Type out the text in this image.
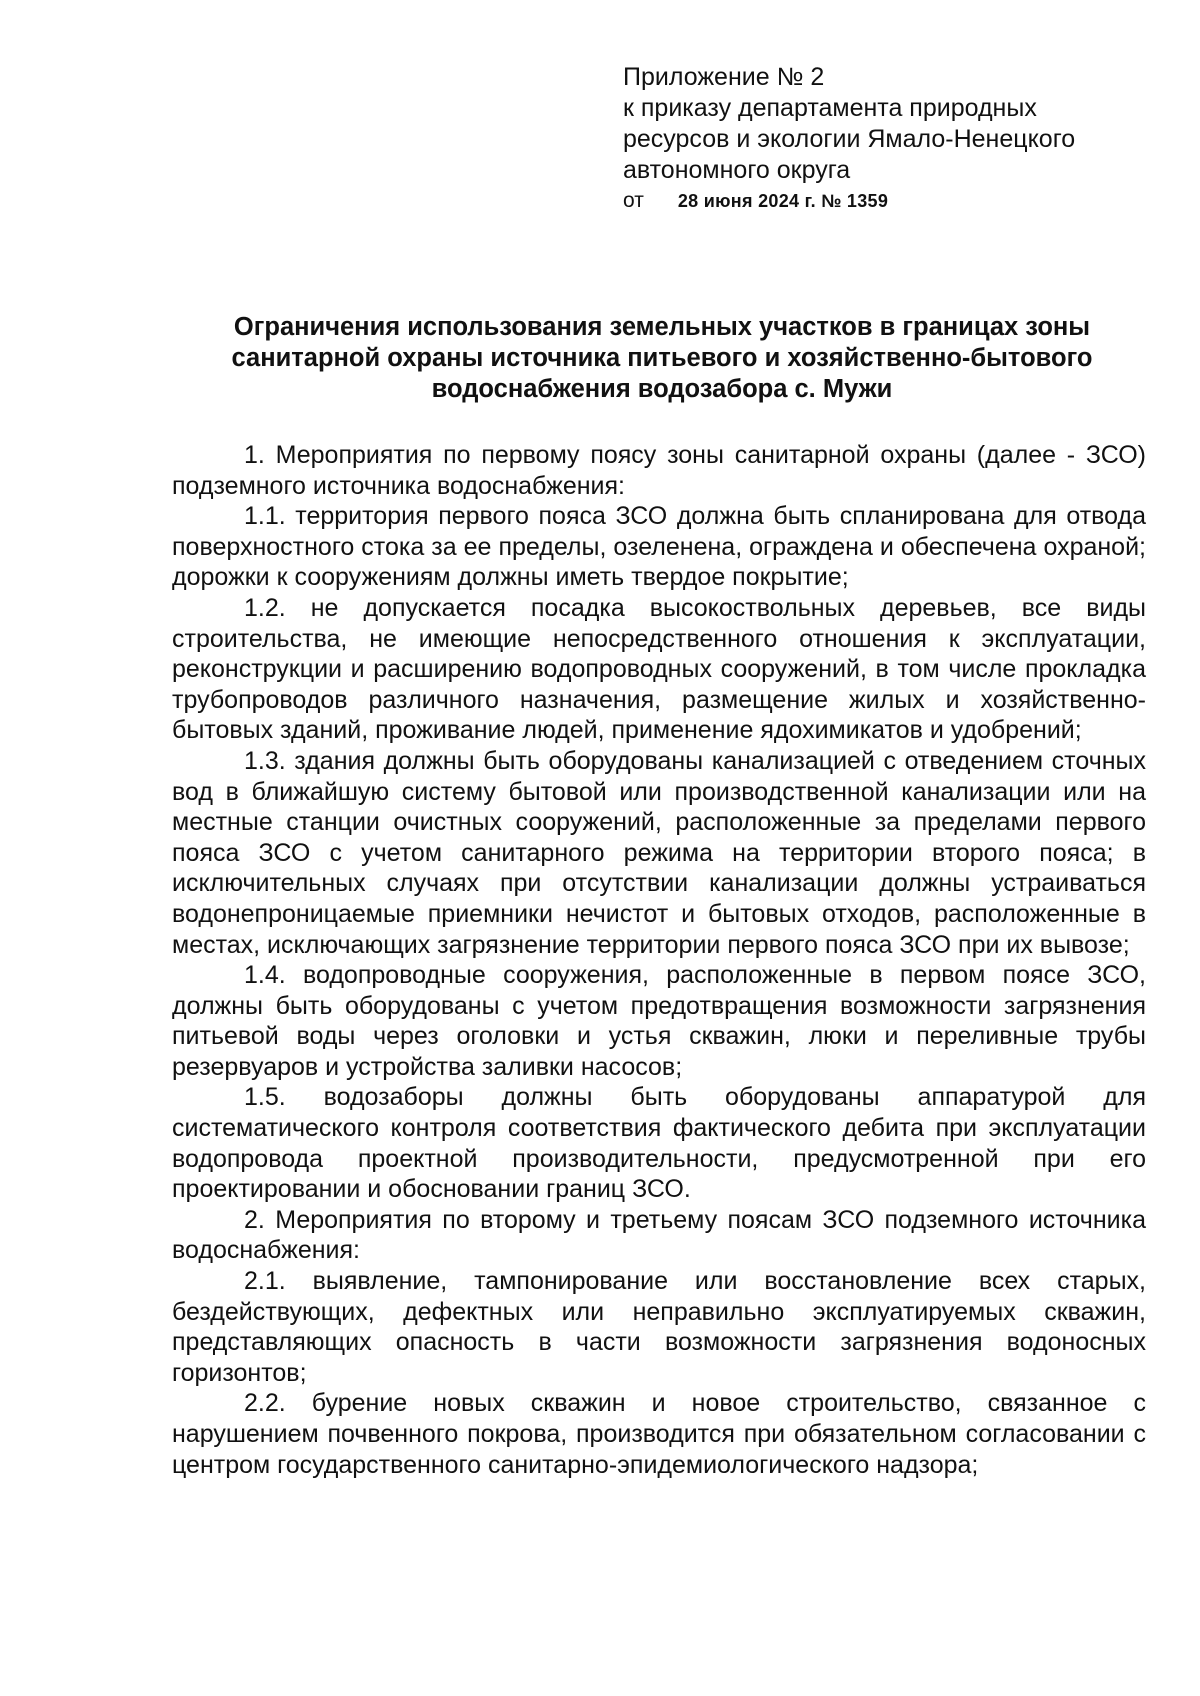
Приложение № 2
к приказу департамента природных
ресурсов и экологии Ямало-Ненецкого
автономного округа
от 28 июня 2024 г. № 1359
Ограничения использования земельных участков в границах зоны
санитарной охраны источника питьевого и хозяйственно-бытового
водоснабжения водозабора с. Мужи

1. Мероприятия по первому поясу зоны санитарной охраны (далее - ЗСО) подземного источника водоснабжения:

1.1. территория первого пояса ЗСО должна быть спланирована для отвода поверхностного стока за ее пределы, озеленена, ограждена и обеспечена охраной; дорожки к сооружениям должны иметь твердое покрытие;

1.2. не допускается посадка высокоствольных деревьев, все виды строительства, не имеющие непосредственного отношения к эксплуатации, реконструкции и расширению водопроводных сооружений, в том числе прокладка трубопроводов различного назначения, размещение жилых и хозяйственно-бытовых зданий, проживание людей, применение ядохимикатов и удобрений;

1.3. здания должны быть оборудованы канализацией с отведением сточных вод в ближайшую систему бытовой или производственной канализации или на местные станции очистных сооружений, расположенные за пределами первого пояса ЗСО с учетом санитарного режима на территории второго пояса; в исключительных случаях при отсутствии канализации должны устраиваться водонепроницаемые приемники нечистот и бытовых отходов, расположенные в местах, исключающих загрязнение территории первого пояса ЗСО при их вывозе;

1.4. водопроводные сооружения, расположенные в первом поясе ЗСО, должны быть оборудованы с учетом предотвращения возможности загрязнения питьевой воды через оголовки и устья скважин, люки и переливные трубы резервуаров и устройства заливки насосов;

1.5. водозаборы должны быть оборудованы аппаратурой для систематического контроля соответствия фактического дебита при эксплуатации водопровода проектной производительности, предусмотренной при его проектировании и обосновании границ ЗСО.

2. Мероприятия по второму и третьему поясам ЗСО подземного источника водоснабжения:

2.1. выявление, тампонирование или восстановление всех старых, бездействующих, дефектных или неправильно эксплуатируемых скважин, представляющих опасность в части возможности загрязнения водоносных горизонтов;

2.2. бурение новых скважин и новое строительство, связанное с нарушением почвенного покрова, производится при обязательном согласовании с центром государственного санитарно-эпидемиологического надзора;
